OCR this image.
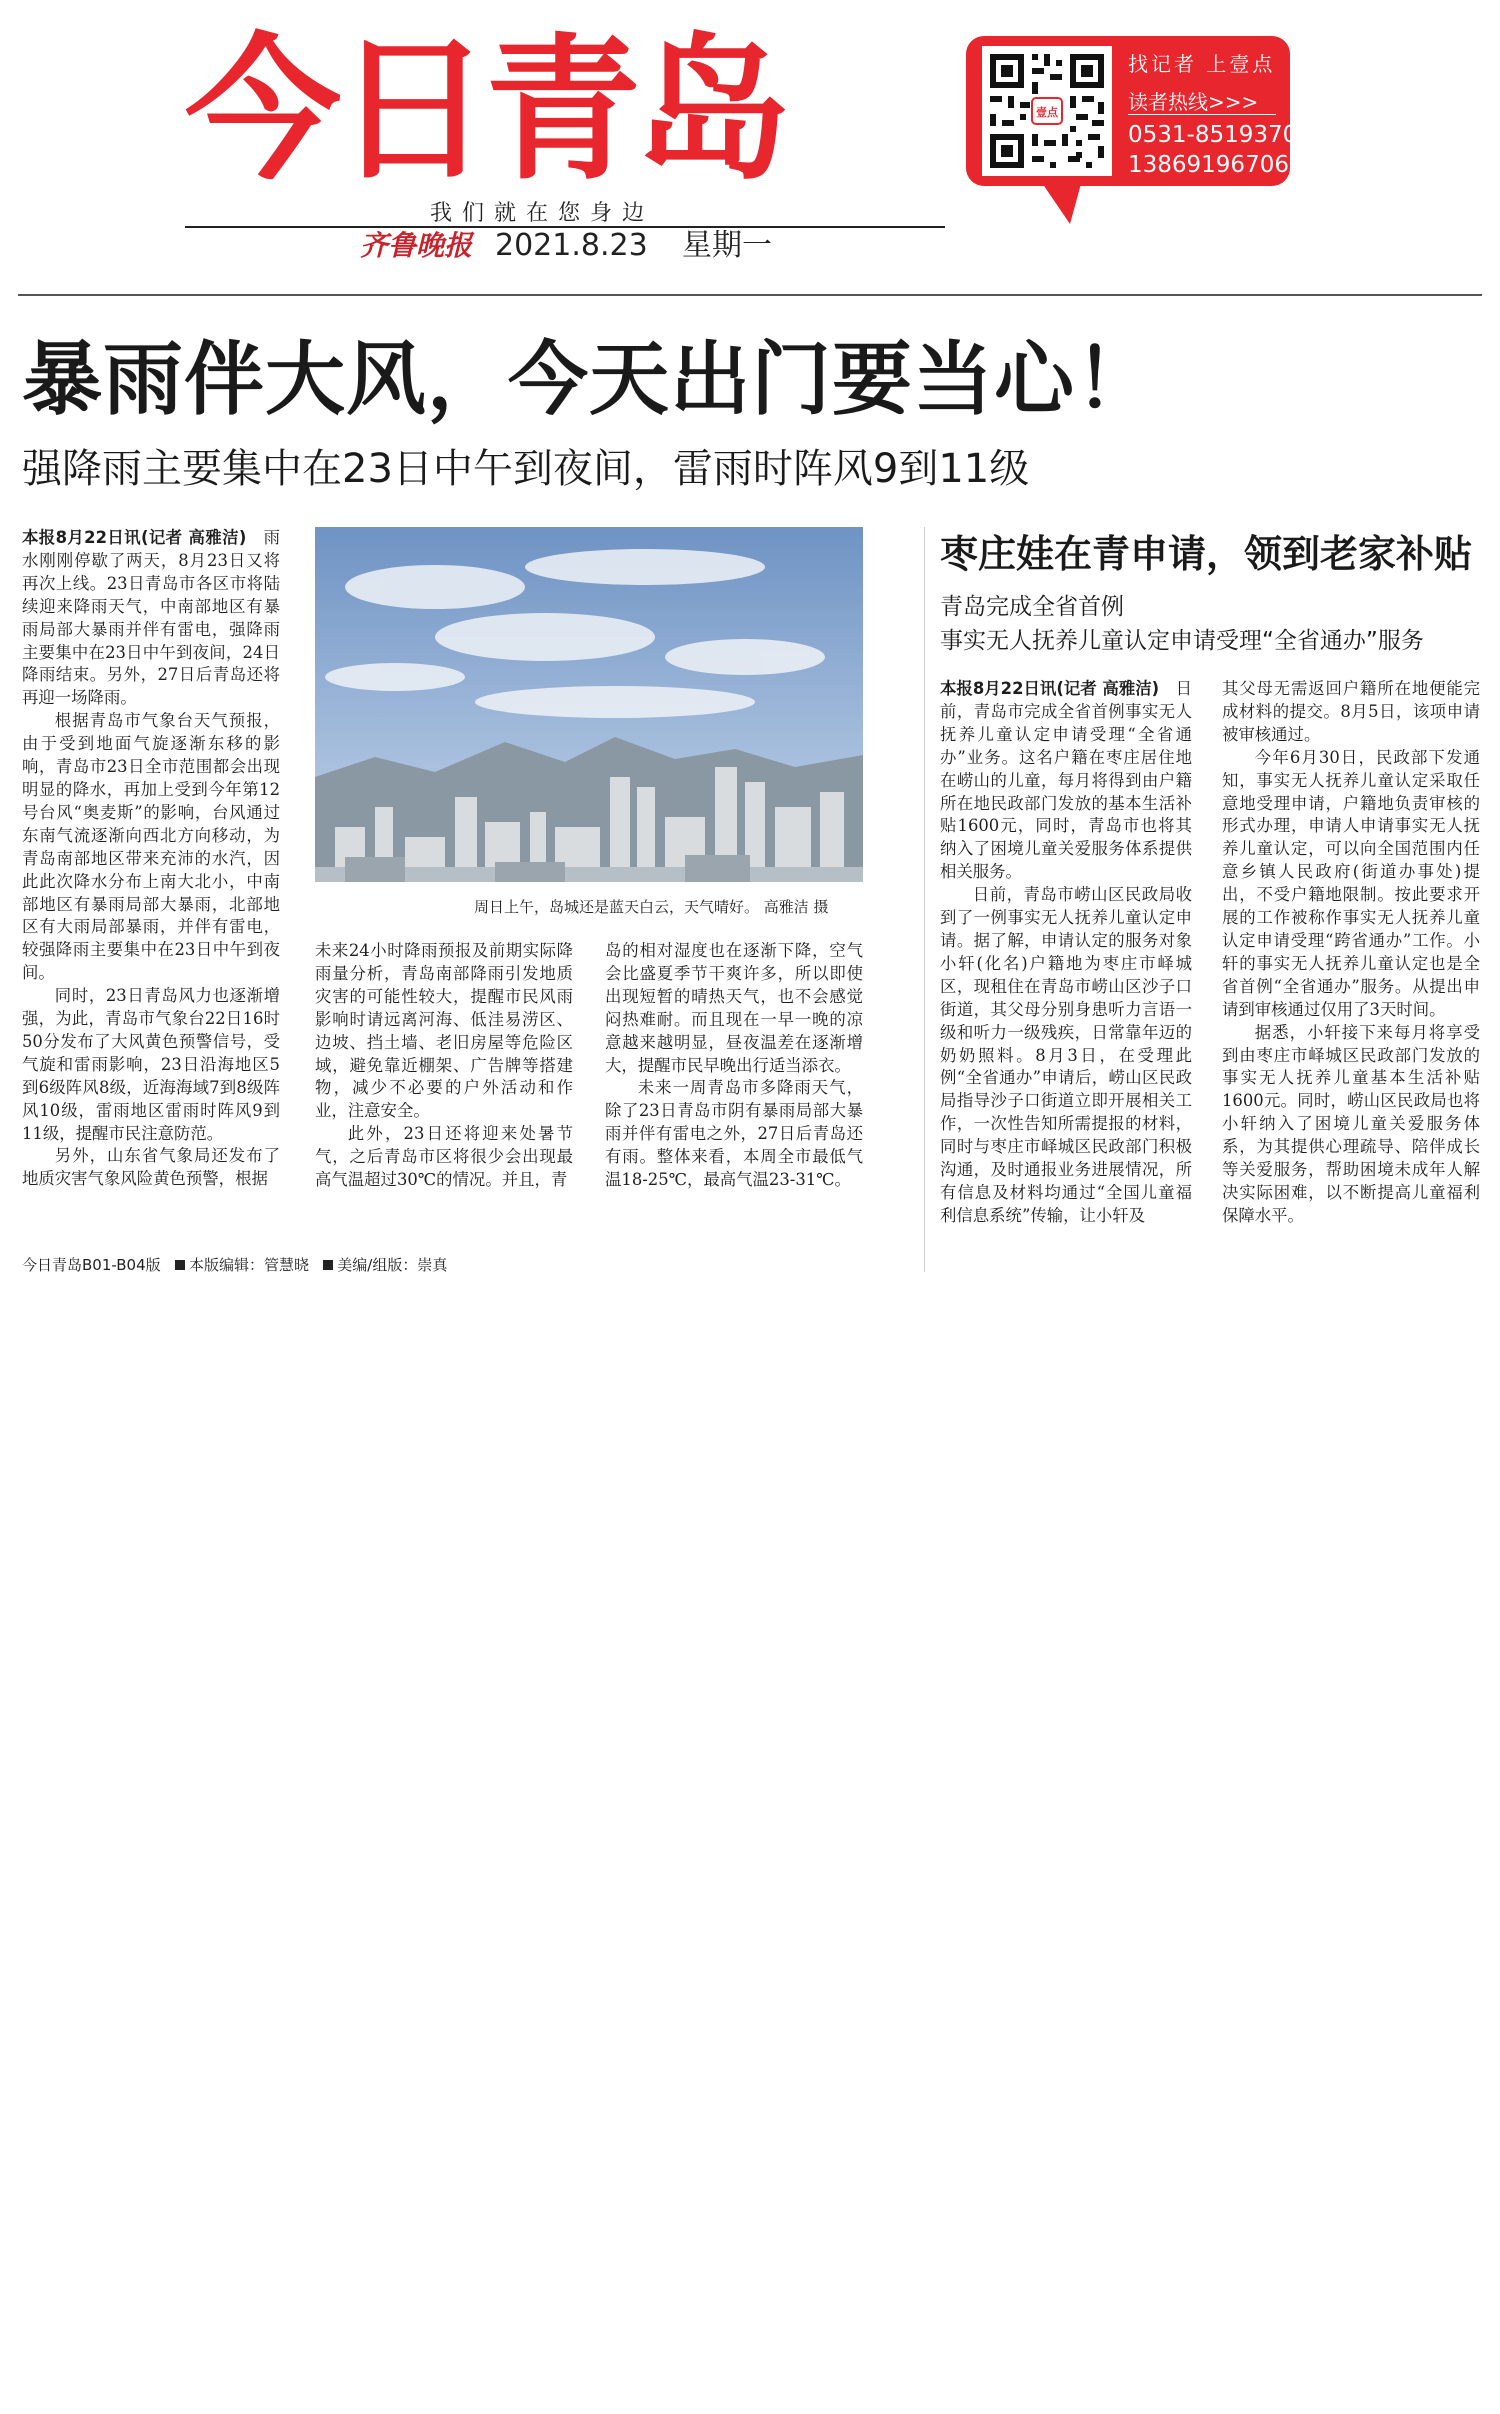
今日青岛
我们就在您身边
齐鲁晚报 2021.8.23 星期一
壹点
找记者 上壹点
读者热线>>>
0531-85193700
13869196706
暴雨伴大风，今天出门要当心！
强降雨主要集中在23日中午到夜间，雷雨时阵风9到11级

本报8月22日讯(记者 高雅洁)　 雨水刚刚停歇了两天，8月23日又将再次上线。23日青岛市各区市将陆续迎来降雨天气，中南部地区有暴雨局部大暴雨并伴有雷电，强降雨主要集中在23日中午到夜间，24日降雨结束。另外，27日后青岛还将再迎一场降雨。

根据青岛市气象台天气预报，由于受到地面气旋逐渐东移的影响，青岛市23日全市范围都会出现明显的降水，再加上受到今年第12号台风“奥麦斯”的影响，台风通过东南气流逐渐向西北方向移动，为青岛南部地区带来充沛的水汽，因此此次降水分布上南大北小，中南部地区有暴雨局部大暴雨，北部地区有大雨局部暴雨，并伴有雷电，较强降雨主要集中在23日中午到夜间。

同时，23日青岛风力也逐渐增强，为此，青岛市气象台22日16时50分发布了大风黄色预警信号，受气旋和雷雨影响，23日沿海地区5到6级阵风8级，近海海域7到8级阵风10级，雷雨地区雷雨时阵风9到11级，提醒市民注意防范。

另外，山东省气象局还发布了地质灾害气象风险黄色预警，根据

周日上午，岛城还是蓝天白云，天气晴好。 高雅洁 摄

未来24小时降雨预报及前期实际降雨量分析，青岛南部降雨引发地质灾害的可能性较大，提醒市民风雨影响时请远离河海、低洼易涝区、边坡、挡土墙、老旧房屋等危险区域，避免靠近棚架、广告牌等搭建物，减少不必要的户外活动和作业，注意安全。

此外，23日还将迎来处暑节气，之后青岛市区将很少会出现最高气温超过30℃的情况。并且，青

岛的相对湿度也在逐渐下降，空气会比盛夏季节干爽许多，所以即使出现短暂的晴热天气，也不会感觉闷热难耐。而且现在一早一晚的凉意越来越明显，昼夜温差在逐渐增大，提醒市民早晚出行适当添衣。

未来一周青岛市多降雨天气，除了23日青岛市阴有暴雨局部大暴雨并伴有雷电之外，27日后青岛还有雨。整体来看，本周全市最低气温18-25℃，最高气温23-31℃。

枣庄娃在青申请，领到老家补贴
青岛完成全省首例
事实无人抚养儿童认定申请受理“全省通办”服务

本报8月22日讯(记者 高雅洁)　 日前，青岛市完成全省首例事实无人抚养儿童认定申请受理“全省通办”业务。这名户籍在枣庄居住地在崂山的儿童，每月将得到由户籍所在地民政部门发放的基本生活补贴1600元，同时，青岛市也将其纳入了困境儿童关爱服务体系提供相关服务。

日前，青岛市崂山区民政局收到了一例事实无人抚养儿童认定申请。据了解，申请认定的服务对象小轩(化名)户籍地为枣庄市峄城区，现租住在青岛市崂山区沙子口街道，其父母分别身患听力言语一级和听力一级残疾，日常靠年迈的奶奶照料。8月3日，在受理此例“全省通办”申请后，崂山区民政局指导沙子口街道立即开展相关工作，一次性告知所需提报的材料，同时与枣庄市峄城区民政部门积极沟通，及时通报业务进展情况，所有信息及材料均通过“全国儿童福利信息系统”传输，让小轩及

其父母无需返回户籍所在地便能完成材料的提交。8月5日，该项申请被审核通过。

今年6月30日，民政部下发通知，事实无人抚养儿童认定采取任意地受理申请，户籍地负责审核的形式办理，申请人申请事实无人抚养儿童认定，可以向全国范围内任意乡镇人民政府(街道办事处)提出，不受户籍地限制。按此要求开展的工作被称作事实无人抚养儿童认定申请受理“跨省通办”工作。小轩的事实无人抚养儿童认定也是全省首例“全省通办”服务。从提出申请到审核通过仅用了3天时间。

据悉，小轩接下来每月将享受到由枣庄市峄城区民政部门发放的事实无人抚养儿童基本生活补贴1600元。同时，崂山区民政局也将小轩纳入了困境儿童关爱服务体系，为其提供心理疏导、陪伴成长等关爱服务，帮助困境未成年人解决实际困难，以不断提高儿童福利保障水平。

今日青岛B01-B04版 本版编辑：管慧晓 美编/组版：崇真
